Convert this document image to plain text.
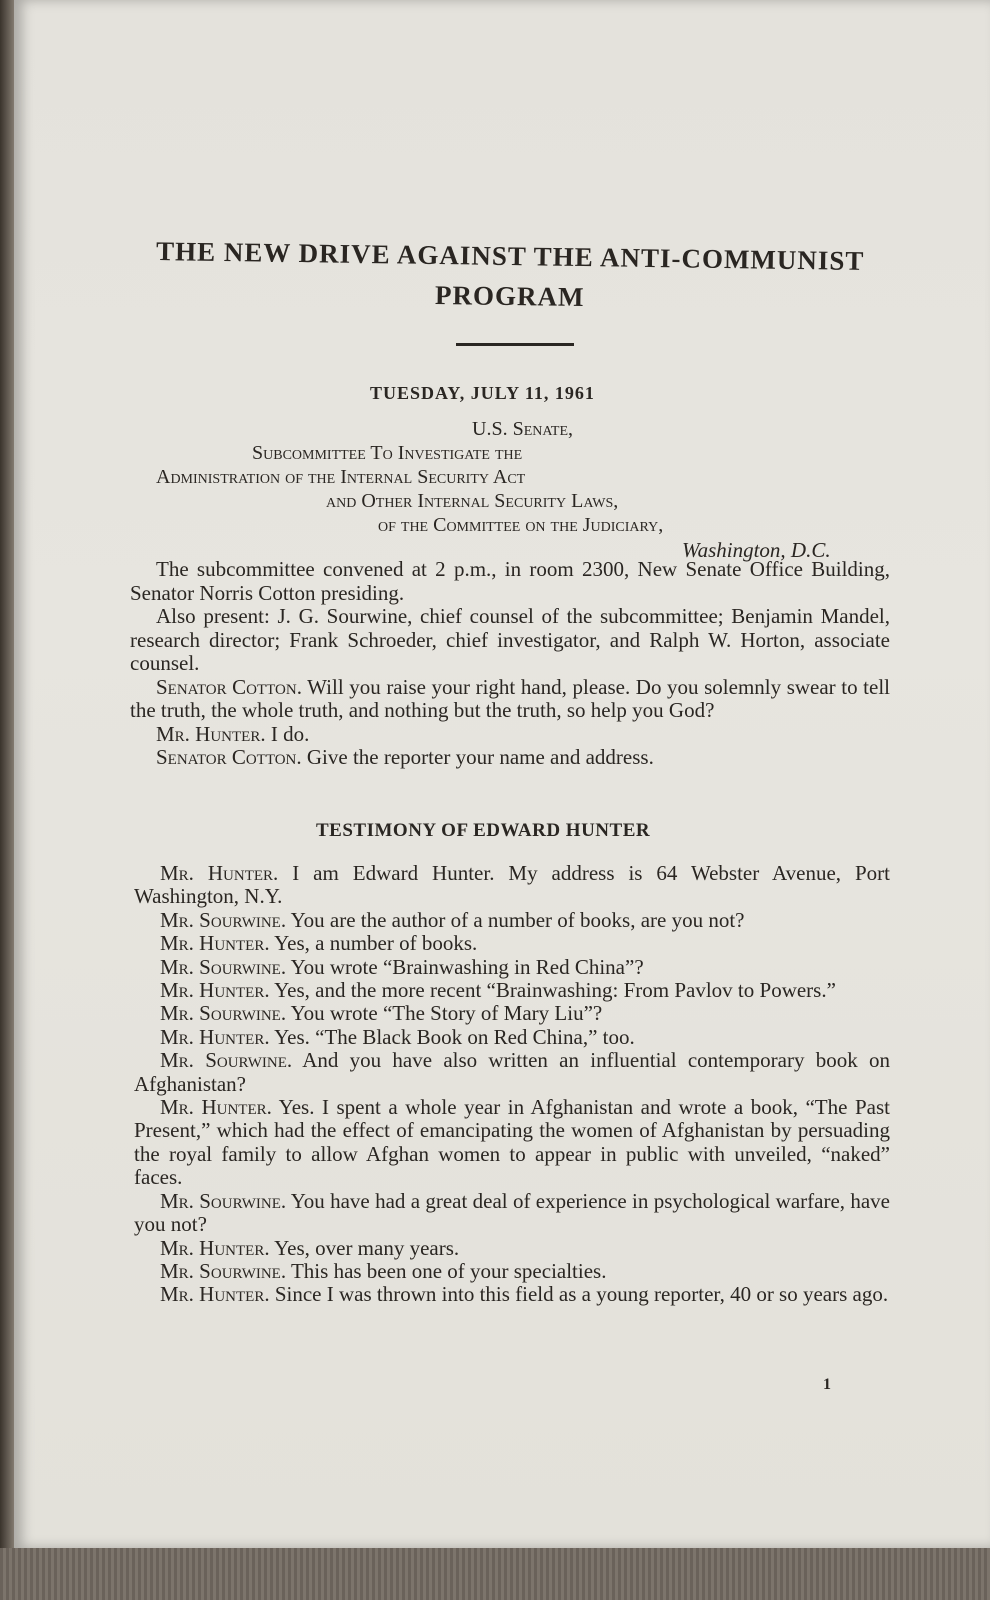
THE NEW DRIVE AGAINST THE ANTI-COMMUNIST
PROGRAM
TUESDAY, JULY 11, 1961
U.S. Senate,
Subcommittee To Investigate the
Administration of the Internal Security Act
and Other Internal Security Laws,
of the Committee on the Judiciary,
Washington, D.C.

The subcommittee convened at 2 p.m., in room 2300, New Senate Office Building, Senator Norris Cotton presiding.

Also present: J. G. Sourwine, chief counsel of the subcommittee; Benjamin Mandel, research director; Frank Schroeder, chief investigator, and Ralph W. Horton, associate counsel.

Senator Cotton. Will you raise your right hand, please. Do you solemnly swear to tell the truth, the whole truth, and nothing but the truth, so help you God?

Mr. Hunter. I do.

Senator Cotton. Give the reporter your name and address.

TESTIMONY OF EDWARD HUNTER

Mr. Hunter. I am Edward Hunter. My address is 64 Webster Avenue, Port Washington, N.Y.

Mr. Sourwine. You are the author of a number of books, are you not?

Mr. Hunter. Yes, a number of books.

Mr. Sourwine. You wrote “Brainwashing in Red China”?

Mr. Hunter. Yes, and the more recent “Brainwashing: From Pavlov to Powers.”

Mr. Sourwine. You wrote “The Story of Mary Liu”?

Mr. Hunter. Yes. “The Black Book on Red China,” too.

Mr. Sourwine. And you have also written an influential contemporary book on Afghanistan?

Mr. Hunter. Yes. I spent a whole year in Afghanistan and wrote a book, “The Past Present,” which had the effect of emancipating the women of Afghanistan by persuading the royal family to allow Afghan women to appear in public with unveiled, “naked” faces.

Mr. Sourwine. You have had a great deal of experience in psychological warfare, have you not?

Mr. Hunter. Yes, over many years.

Mr. Sourwine. This has been one of your specialties.

Mr. Hunter. Since I was thrown into this field as a young reporter, 40 or so years ago.

1
